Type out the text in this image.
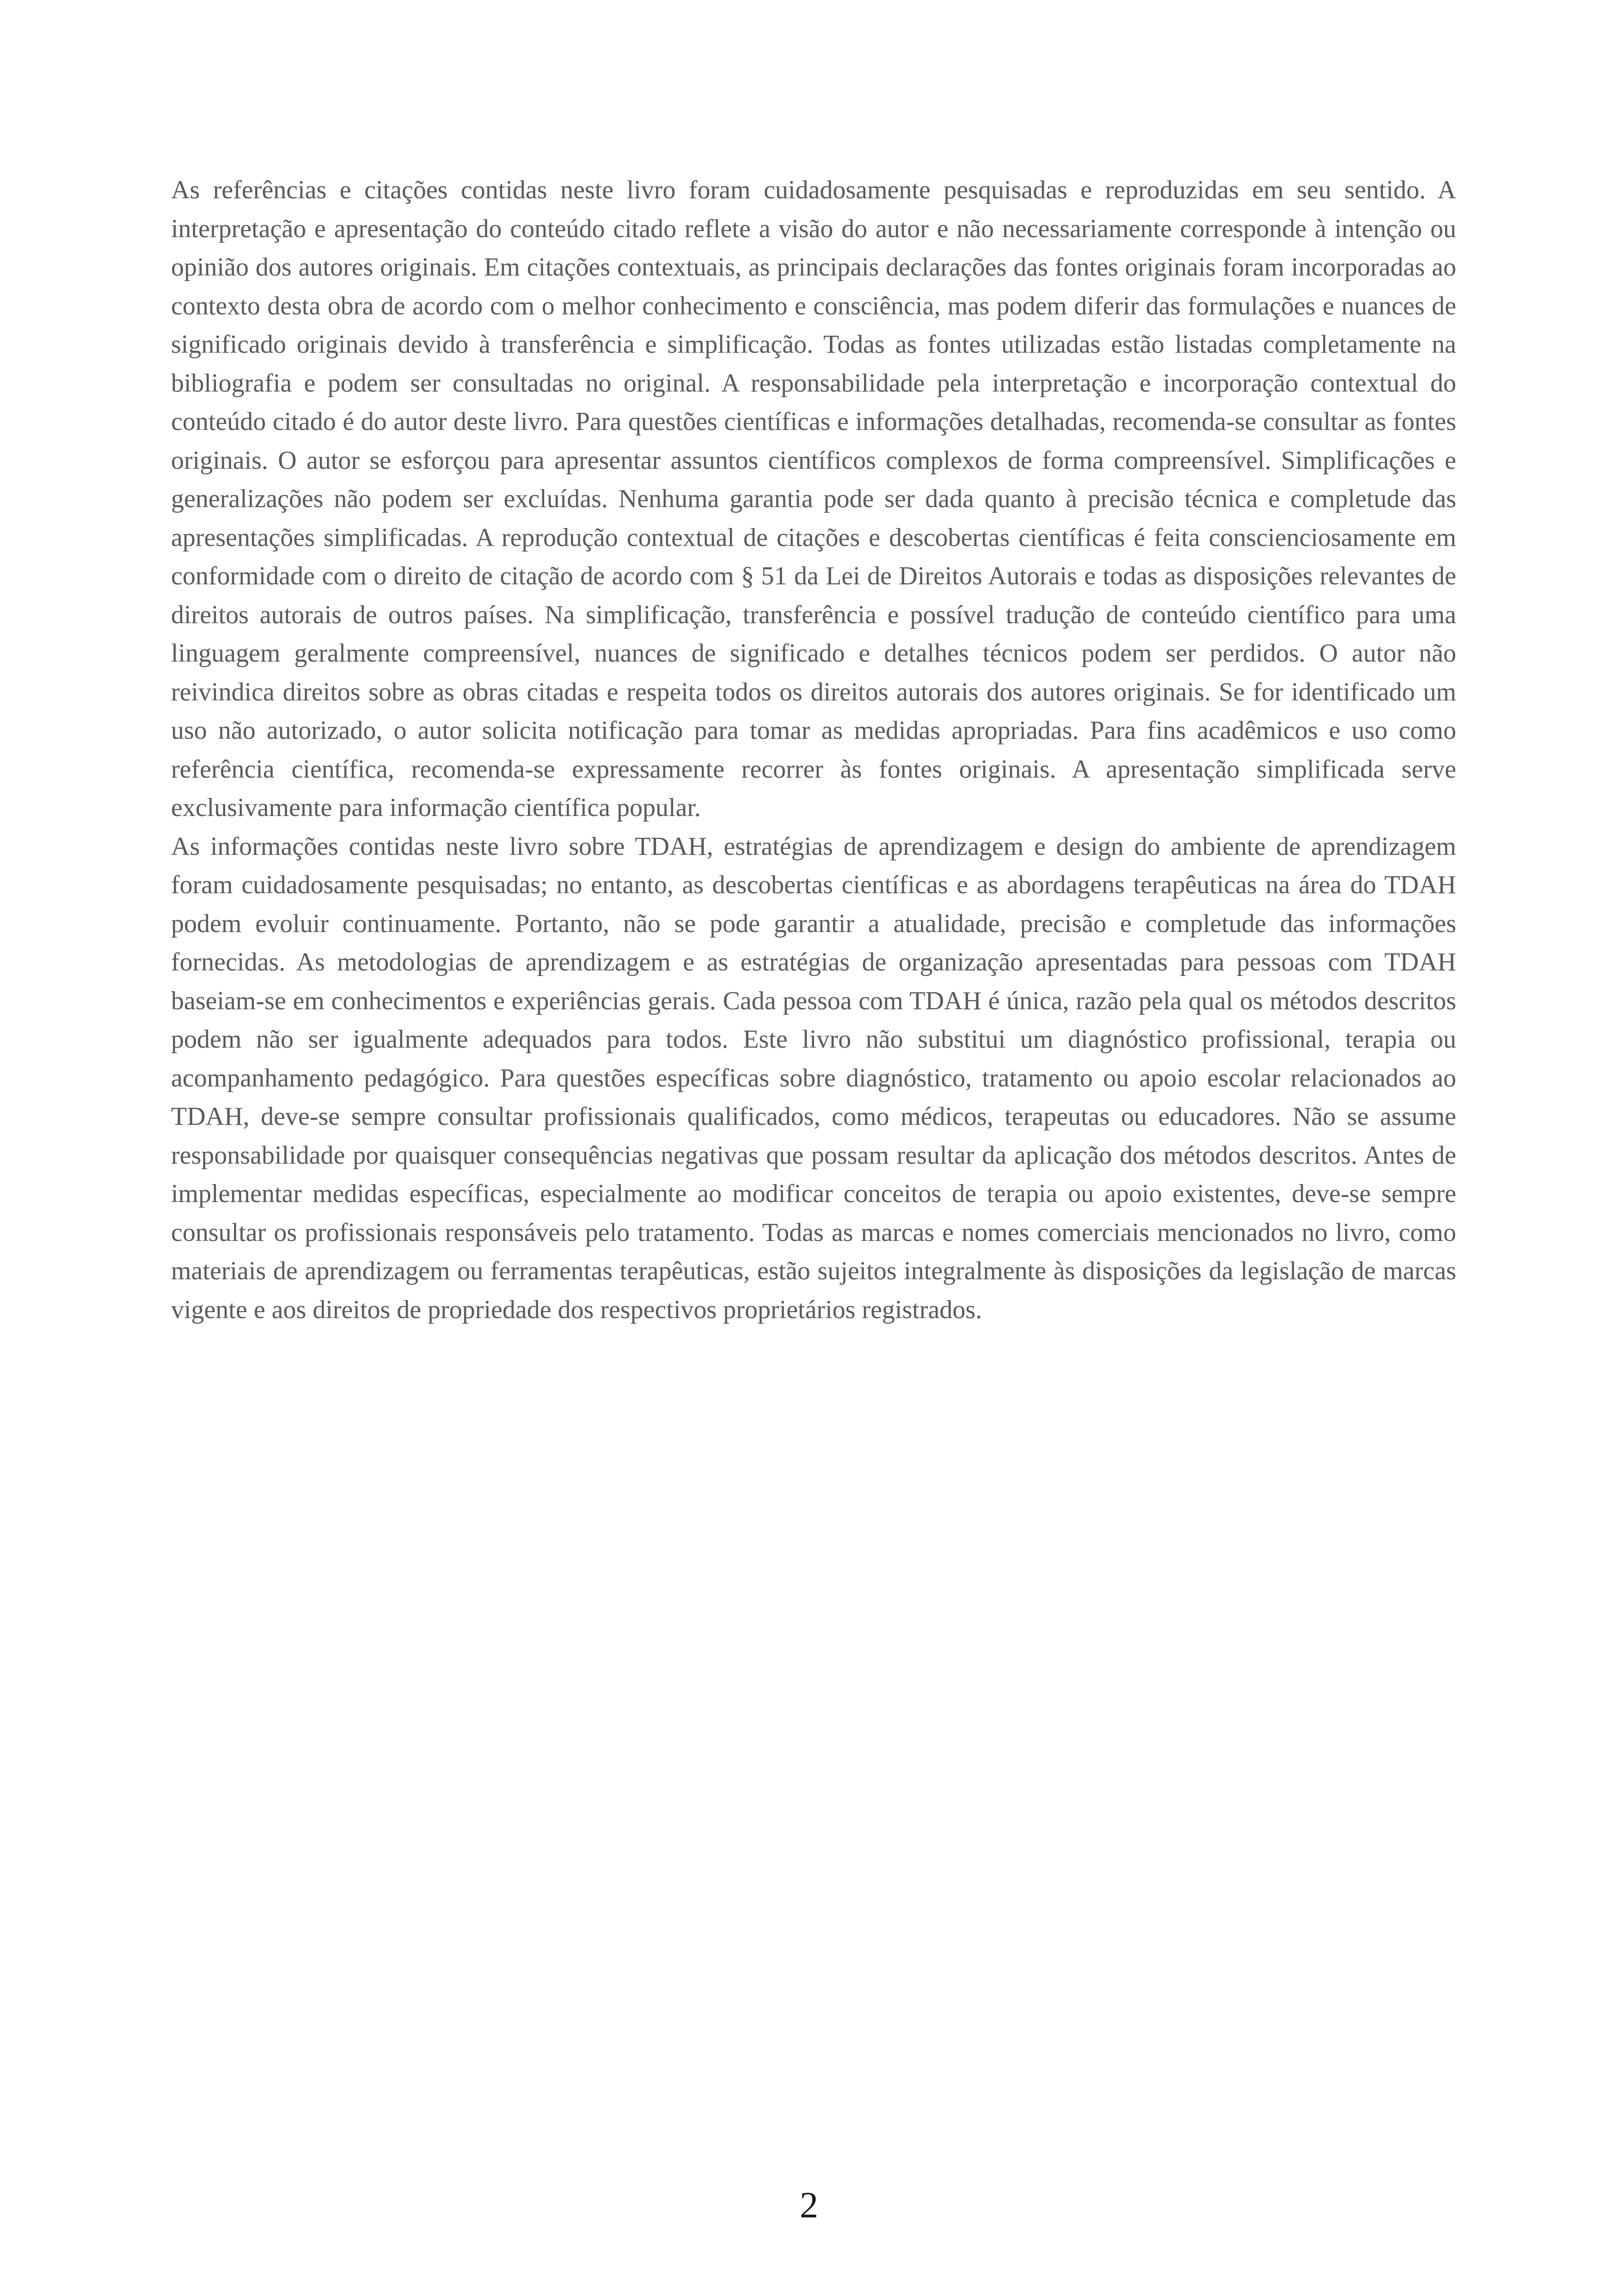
As referências e citações contidas neste livro foram cuidadosamente pesquisadas e reproduzidas em seu sentido. A interpretação e apresentação do conteúdo citado reflete a visão do autor e não necessariamente corresponde à intenção ou opinião dos autores originais. Em citações contextuais, as principais declarações das fontes originais foram incorporadas ao contexto desta obra de acordo com o melhor conhecimento e consciência, mas podem diferir das formulações e nuances de significado originais devido à transferência e simplificação. Todas as fontes utilizadas estão listadas completamente na bibliografia e podem ser consultadas no original. A responsabilidade pela interpretação e incorporação contextual do conteúdo citado é do autor deste livro. Para questões científicas e informações detalhadas, recomenda-se consultar as fontes originais. O autor se esforçou para apresentar assuntos científicos complexos de forma compreensível. Simplificações e generalizações não podem ser excluídas. Nenhuma garantia pode ser dada quanto à precisão técnica e completude das apresentações simplificadas. A reprodução contextual de citações e descobertas científicas é feita conscienciosamente em conformidade com o direito de citação de acordo com § 51 da Lei de Direitos Autorais e todas as disposições relevantes de direitos autorais de outros países. Na simplificação, transferência e possível tradução de conteúdo científico para uma linguagem geralmente compreensível, nuances de significado e detalhes técnicos podem ser perdidos. O autor não reivindica direitos sobre as obras citadas e respeita todos os direitos autorais dos autores originais. Se for identificado um uso não autorizado, o autor solicita notificação para tomar as medidas apropriadas. Para fins acadêmicos e uso como referência científica, recomenda-se expressamente recorrer às fontes originais. A apresentação simplificada serve exclusivamente para informação científica popular.

As informações contidas neste livro sobre TDAH, estratégias de aprendizagem e design do ambiente de aprendizagem foram cuidadosamente pesquisadas; no entanto, as descobertas científicas e as abordagens terapêuticas na área do TDAH podem evoluir continuamente. Portanto, não se pode garantir a atualidade, precisão e completude das informações fornecidas. As metodologias de aprendizagem e as estratégias de organização apresentadas para pessoas com TDAH baseiam-se em conhecimentos e experiências gerais. Cada pessoa com TDAH é única, razão pela qual os métodos descritos podem não ser igualmente adequados para todos. Este livro não substitui um diagnóstico profissional, terapia ou acompanhamento pedagógico. Para questões específicas sobre diagnóstico, tratamento ou apoio escolar relacionados ao TDAH, deve-se sempre consultar profissionais qualificados, como médicos, terapeutas ou educadores. Não se assume responsabilidade por quaisquer consequências negativas que possam resultar da aplicação dos métodos descritos. Antes de implementar medidas específicas, especialmente ao modificar conceitos de terapia ou apoio existentes, deve-se sempre consultar os profissionais responsáveis pelo tratamento. Todas as marcas e nomes comerciais mencionados no livro, como materiais de aprendizagem ou ferramentas terapêuticas, estão sujeitos integralmente às disposições da legislação de marcas vigente e aos direitos de propriedade dos respectivos proprietários registrados.

2
